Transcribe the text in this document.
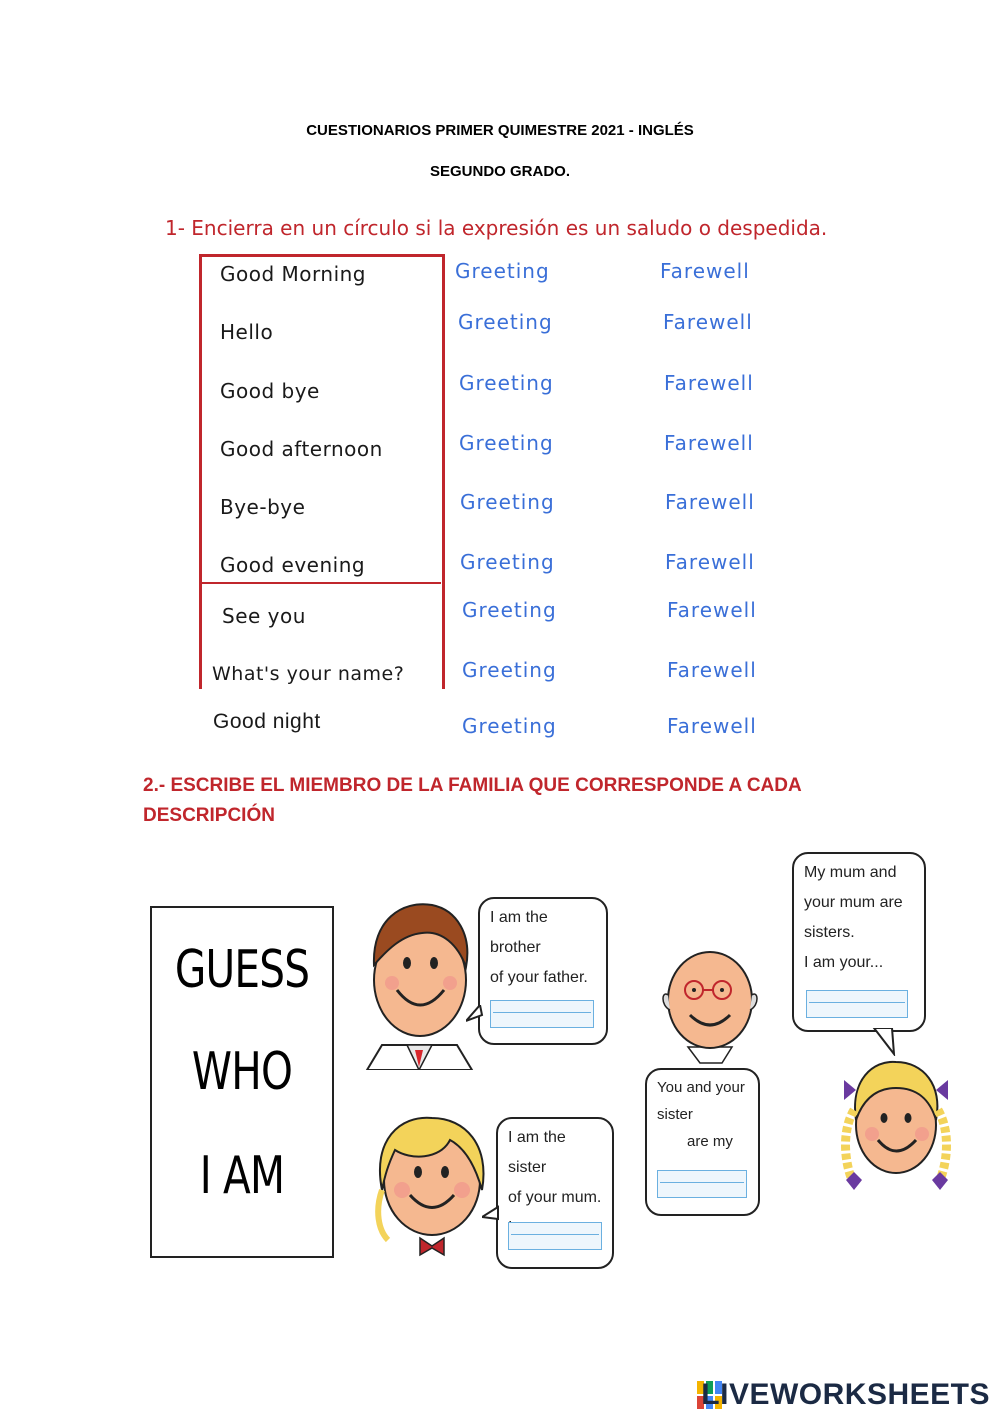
CUESTIONARIOS PRIMER QUIMESTRE 2021 - INGLÉS
SEGUNDO GRADO.
1- Encierra en un círculo si la expresión es un saludo o despedida.
Good Morning	Greeting	Farewell
Hello	Greeting	Farewell
Good bye	Greeting	Farewell
Good afternoon	Greeting	Farewell
Bye-bye	Greeting	Farewell
Good evening	Greeting	Farewell
See you	Greeting	Farewell
What's your name?	Greeting	Farewell
Good night	Greeting	Farewell
2.- ESCRIBE EL MIEMBRO DE LA FAMILIA QUE CORRESPONDE A CADA
DESCRIPCIÓN
GUESS
WHO
I AM
I am the brother
of your father.
I am the sister
of your mum.
You and your sister
are my
My mum and
your mum are
sisters.
I am your...
LIVEWORKSHEETS
